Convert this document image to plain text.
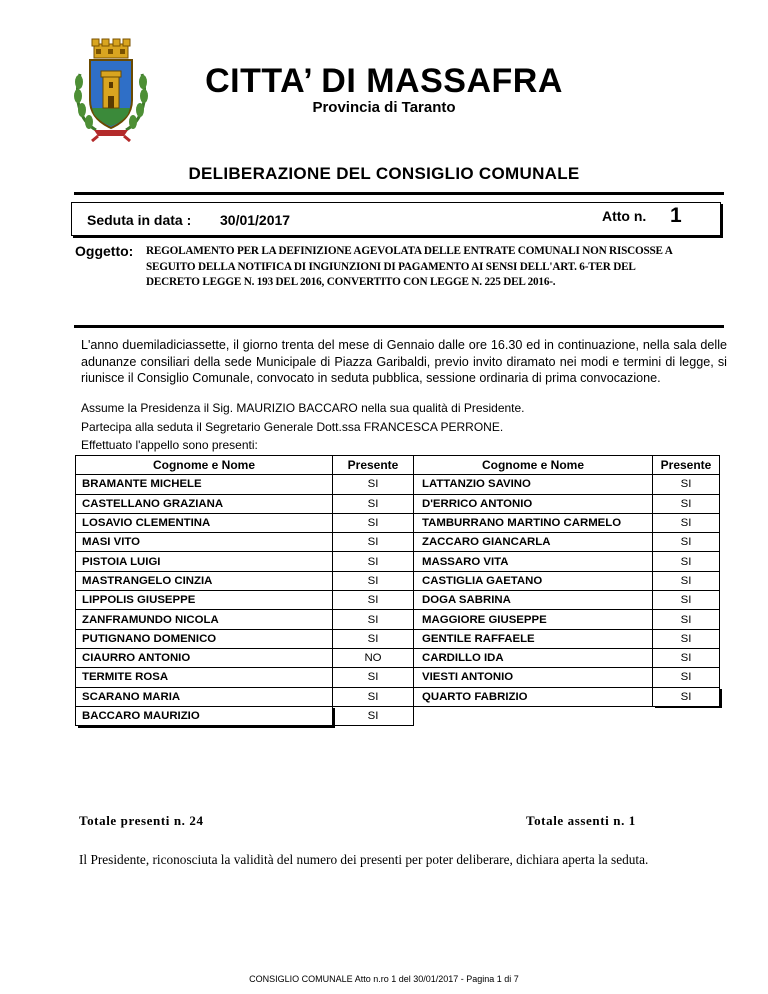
CITTA’ DI MASSAFRA
Provincia di Taranto
DELIBERAZIONE DEL CONSIGLIO COMUNALE
Seduta in data : 30/01/2017	Atto n. 1
Oggetto: REGOLAMENTO PER LA DEFINIZIONE AGEVOLATA DELLE ENTRATE COMUNALI NON RISCOSSE A SEGUITO DELLA NOTIFICA DI INGIUNZIONI DI PAGAMENTO AI SENSI DELL'ART. 6-TER DEL DECRETO LEGGE N. 193 DEL 2016, CONVERTITO CON LEGGE N. 225 DEL 2016-.
L'anno duemiladiciassette, il giorno trenta del mese di Gennaio dalle ore 16.30 ed in continuazione, nella sala delle adunanze consiliari della sede Municipale di Piazza Garibaldi, previo invito diramato nei modi e termini di legge, si riunisce il Consiglio Comunale, convocato in seduta pubblica, sessione ordinaria di prima convocazione.
Assume la Presidenza il Sig. MAURIZIO BACCARO nella sua qualità di Presidente.
Partecipa alla seduta il Segretario Generale Dott.ssa FRANCESCA PERRONE.
Effettuato l'appello sono presenti:
Cognome e Nome	Presente	Cognome e Nome	Presente
BRAMANTE MICHELE	SI	LATTANZIO SAVINO	SI
CASTELLANO GRAZIANA	SI	D'ERRICO ANTONIO	SI
LOSAVIO CLEMENTINA	SI	TAMBURRANO MARTINO CARMELO	SI
MASI VITO	SI	ZACCARO GIANCARLA	SI
PISTOIA LUIGI	SI	MASSARO VITA	SI
MASTRANGELO CINZIA	SI	CASTIGLIA GAETANO	SI
LIPPOLIS GIUSEPPE	SI	DOGA SABRINA	SI
ZANFRAMUNDO NICOLA	SI	MAGGIORE GIUSEPPE	SI
PUTIGNANO DOMENICO	SI	GENTILE RAFFAELE	SI
CIAURRO ANTONIO	NO	CARDILLO IDA	SI
TERMITE ROSA	SI	VIESTI ANTONIO	SI
SCARANO MARIA	SI	QUARTO FABRIZIO	SI
BACCARO MAURIZIO	SI		
Totale presenti n. 24	Totale assenti n. 1
Il Presidente, riconosciuta la validità del numero dei presenti per poter deliberare, dichiara aperta la seduta.
CONSIGLIO COMUNALE Atto n.ro 1 del 30/01/2017 - Pagina 1 di 7
